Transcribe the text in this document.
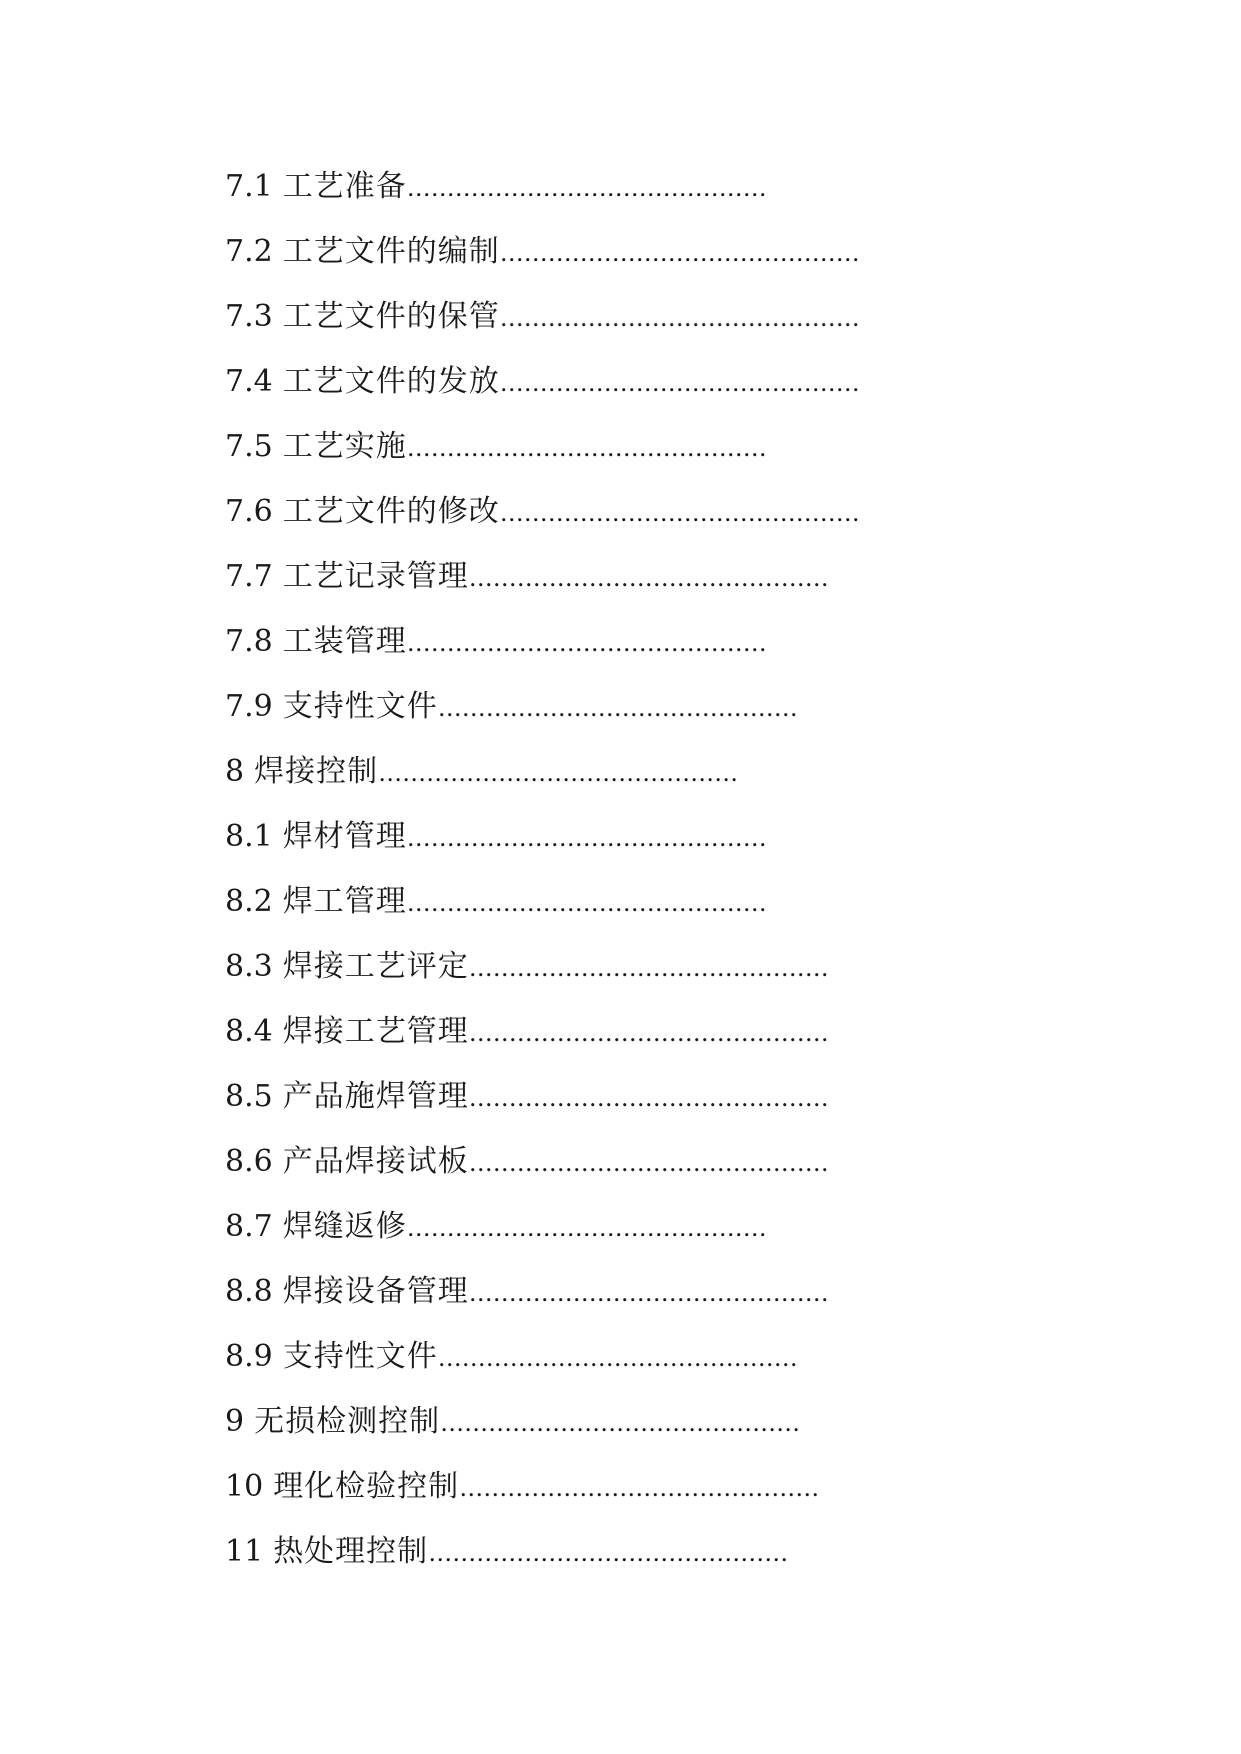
7.1 工艺准备 ………………………………………
7.2 工艺文件的编制 ………………………………………
7.3 工艺文件的保管 ………………………………………
7.4 工艺文件的发放 ………………………………………
7.5 工艺实施 ………………………………………
7.6 工艺文件的修改 ………………………………………
7.7 工艺记录管理 ………………………………………
7.8 工装管理 ………………………………………
7.9 支持性文件 ………………………………………
8 焊接控制 ………………………………………
8.1 焊材管理 ………………………………………
8.2 焊工管理 ………………………………………
8.3 焊接工艺评定 ………………………………………
8.4 焊接工艺管理 ………………………………………
8.5 产品施焊管理 ………………………………………
8.6 产品焊接试板 ………………………………………
8.7 焊缝返修 ………………………………………
8.8 焊接设备管理 ………………………………………
8.9 支持性文件 ………………………………………
9 无损检测控制 ………………………………………
10 理化检验控制 ………………………………………
11 热处理控制 ………………………………………
